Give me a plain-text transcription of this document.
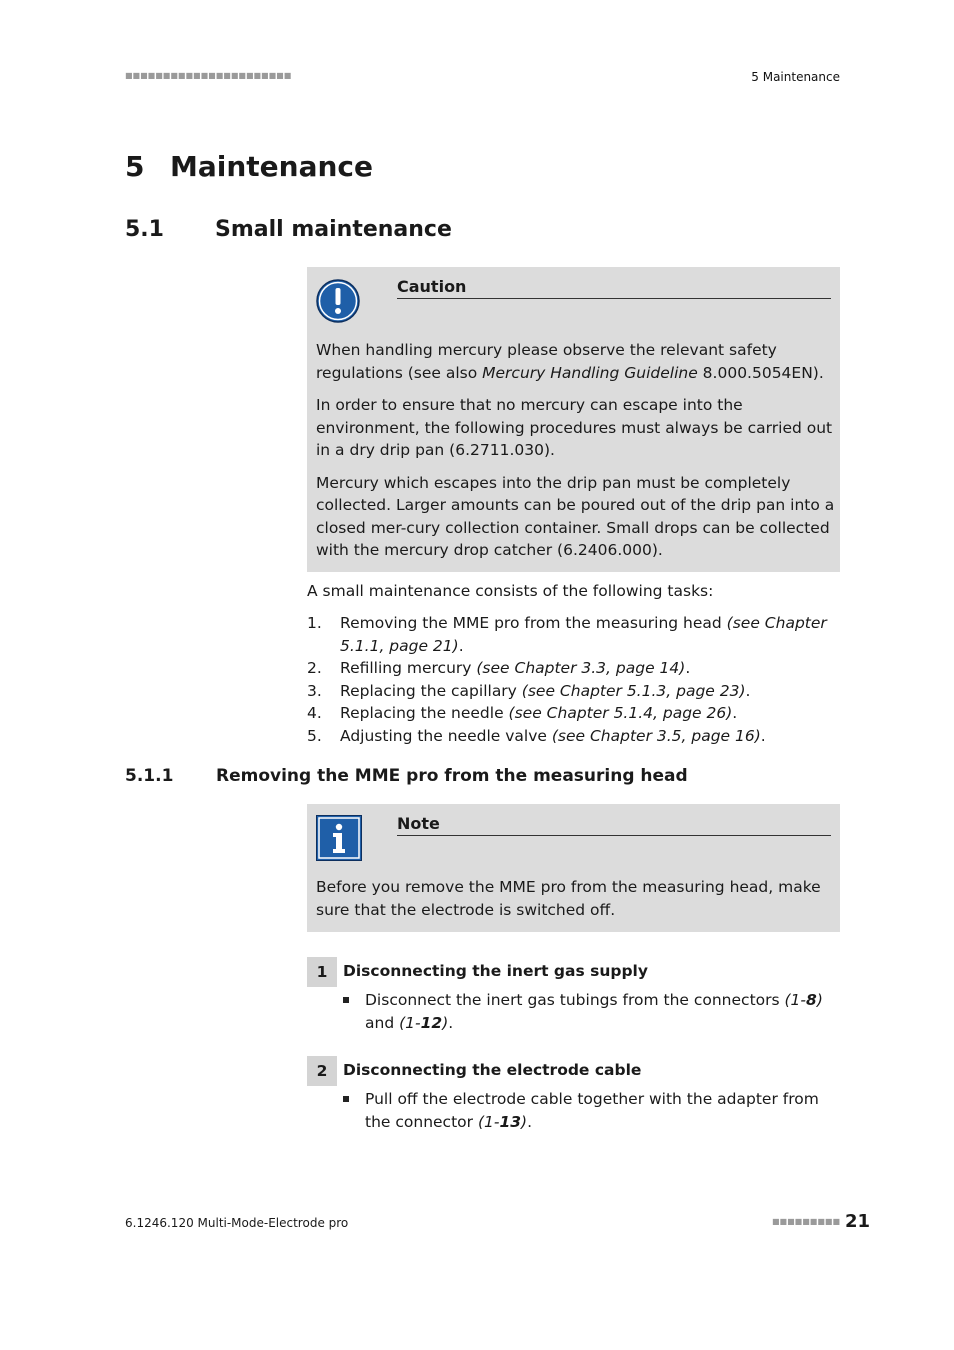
■■■■■■■■■■■■■■■■■■■■■■	5 Maintenance
5 Maintenance
5.1 Small maintenance
Caution

When handling mercury please observe the relevant safety regulations (see also Mercury Handling Guideline 8.000.5054EN).

In order to ensure that no mercury can escape into the environment, the following procedures must always be carried out in a dry drip pan (6.2711.030).

Mercury which escapes into the drip pan must be completely collected. Larger amounts can be poured out of the drip pan into a closed mer-cury collection container. Small drops can be collected with the mercury drop catcher (6.2406.000).

A small maintenance consists of the following tasks:
1. Removing the MME pro from the measuring head (see Chapter 5.1.1, page 21).
2. Refilling mercury (see Chapter 3.3, page 14).
3. Replacing the capillary (see Chapter 5.1.3, page 23).
4. Replacing the needle (see Chapter 5.1.4, page 26).
5. Adjusting the needle valve (see Chapter 3.5, page 16).
5.1.1	Removing the MME pro from the measuring head
Note
Before you remove the MME pro from the measuring head, make sure that the electrode is switched off.
1	Disconnecting the inert gas supply
Disconnect the inert gas tubings from the connectors (1-8) and (1-12).
2	Disconnecting the electrode cable
Pull off the electrode cable together with the adapter from the connector (1-13).
6.1246.120 Multi-Mode-Electrode pro	■■■■■■■■■ 21
